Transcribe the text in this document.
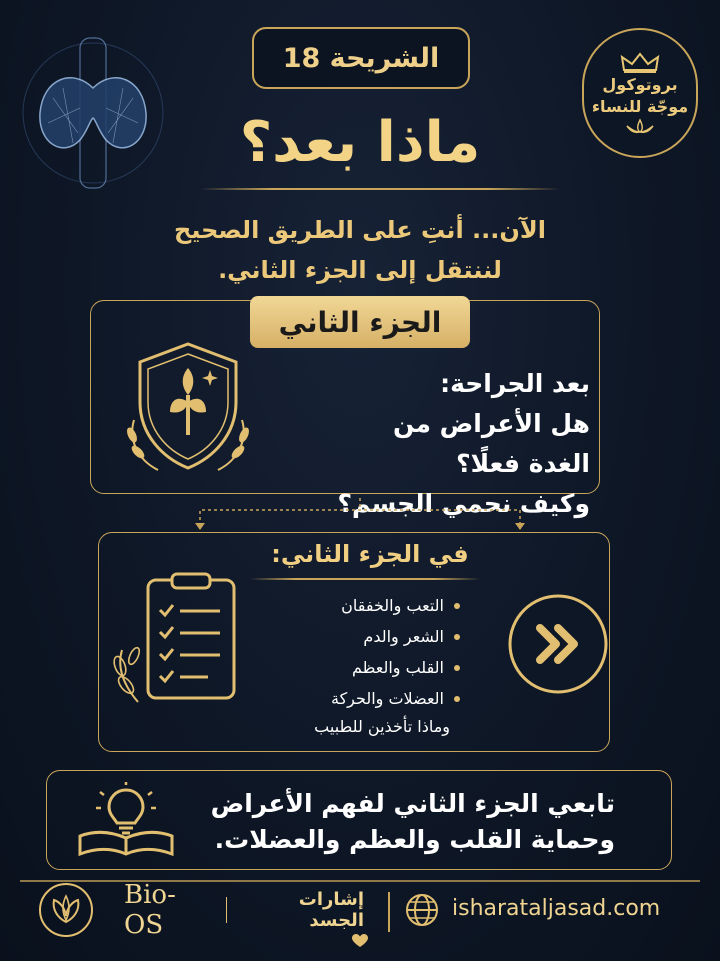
الشريحة 18
بروتوكول
موجّة للنساء
ماذا بعد؟
الآن... أنتِ على الطريق الصحيح
لننتقل إلى الجزء الثاني.
الجزء الثاني
بعد الجراحة:
هل الأعراض من الغدة فعلًا؟
وكيف نحمي الجسم؟
في الجزء الثاني:
التعب والخفقان
الشعر والدم
القلب والعظم
العضلات والحركة
وماذا تأخذين للطبيب
تابعي الجزء الثاني لفهم الأعراض
وحماية القلب والعظم والعضلات.
Bio-OS
إشارات الجسد	isharataljasad.com
